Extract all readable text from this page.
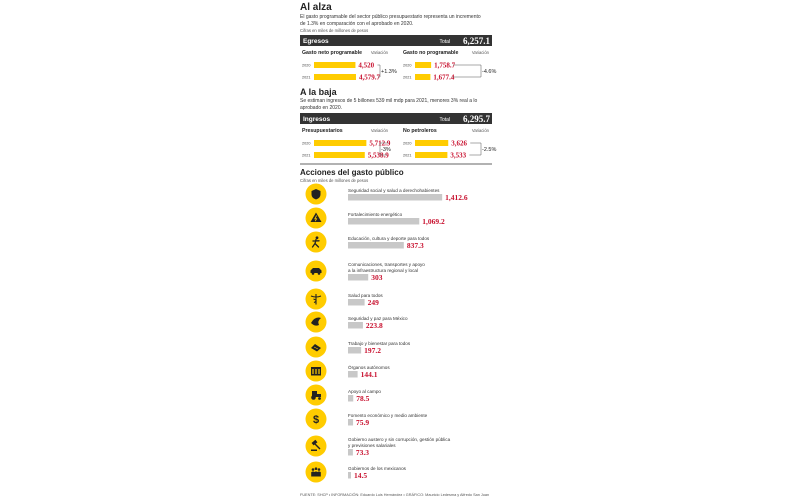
Al alza
El gasto programable del sector público presupuestario representa un incremento
de 1.3% en comparación con el aprobado en 2020.
Cifras en miles de millones de pesos
Egresos	Total 6,257.1
A la baja
Se estiman ingresos de 5 billones 539 mil mdp para 2021, menores 3% real a lo
aprobado en 2020.
Ingresos	Total 6,295.7
Acciones del gasto público
Cifras en miles de millones de pesos
Gasto neto programable Variación
2020	4,520
2021	4,579.7
+1.3%
Gasto no programable	Variación
2020	1,758.7
2021	1,677.4
-4.6%
Presupuestarios	Variación
2020	5,712.9
2021	5,538.9
-3%
No petroleros	Variación
2020	3,626
2021	3,533
-2.5%
Seguridad social y salud a derechohabientes
1,412.6
Fortalecimiento energético
1,069.2
Educación, cultura y deporte para todos
837.3
Comunicaciones, transportes y apoyo
a la infraestructura regional y local
303
Salud para todos
249
Seguridad y paz para México
223.8
Trabajo y bienestar para todos
197.2
Órganos autónomos
144.1
Apoyo al campo
78.5
$	Fomento económico y medio ambiente
75.9
Gobierno austero y sin corrupción, gestión pública
y previsiones salariales
73.3
Gobiernos de los mexicanos
14.5
FUENTE: SHCP • INFORMACIÓN: Eduardo Luis Hernández • GRÁFICO: Mauricio Ledesma y Alfredo San Juan
